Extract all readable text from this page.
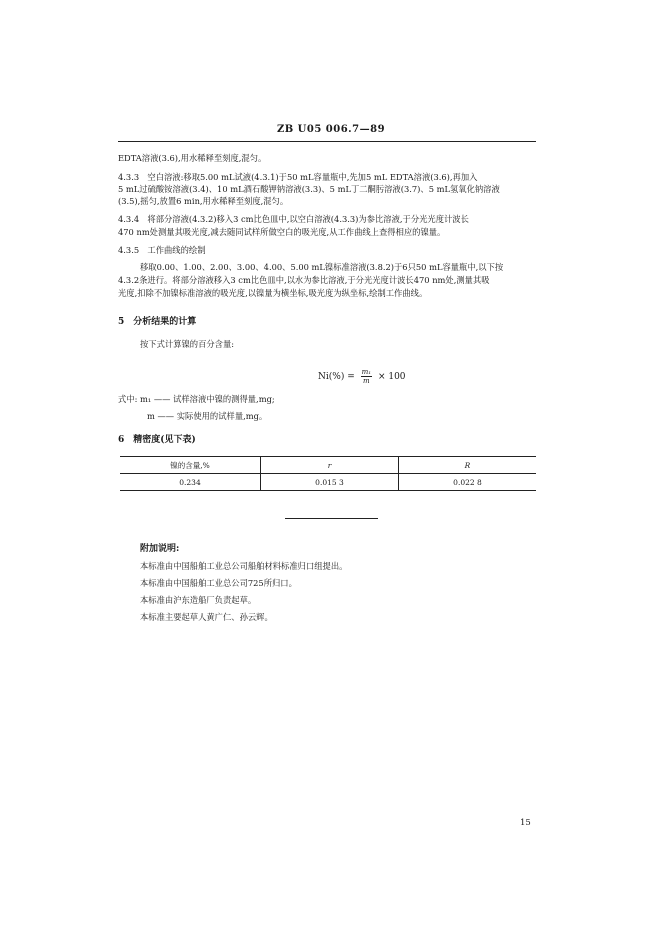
ZB U05 006.7—89
EDTA溶液(3.6),用水稀释至刻度,混匀。
4.3.3　空白溶液:移取5.00 mL试液(4.3.1)于50 mL容量瓶中,先加5 mL EDTA溶液(3.6),再加入
5 mL过硫酸铵溶液(3.4)、10 mL酒石酸钾钠溶液(3.3)、5 mL丁二酮肟溶液(3.7)、5 mL氢氧化钠溶液
(3.5),摇匀,放置6 min,用水稀释至刻度,混匀。
4.3.4　将部分溶液(4.3.2)移入3 cm比色皿中,以空白溶液(4.3.3)为参比溶液,于分光光度计波长
470 nm处测量其吸光度,减去随同试样所做空白的吸光度,从工作曲线上查得相应的镍量。
4.3.5　工作曲线的绘制
移取0.00、1.00、2.00、3.00、4.00、5.00 mL镍标准溶液(3.8.2)于6只50 mL容量瓶中,以下按
4.3.2条进行。将部分溶液移入3 cm比色皿中,以水为参比溶液,于分光光度计波长470 nm处,测量其吸
光度,扣除不加镍标准溶液的吸光度,以镍量为横坐标,吸光度为纵坐标,绘制工作曲线。
5　分析结果的计算
按下式计算镍的百分含量:
$Ni(\%) = \frac{\text{m₁}}{m} \times 100$
式中: m₁ —— 试样溶液中镍的测得量,mg;
m —— 实际使用的试样量,mg。
6　精密度(见下表)
镍的含量,%	r	R
0.234	0.015 3	0.022 8
附加说明:
本标准由中国船舶工业总公司船舶材料标准归口组提出。
本标准由中国船舶工业总公司725所归口。
本标准由沪东造船厂负责起草。
本标准主要起草人黄广仁、孙云辉。
15
